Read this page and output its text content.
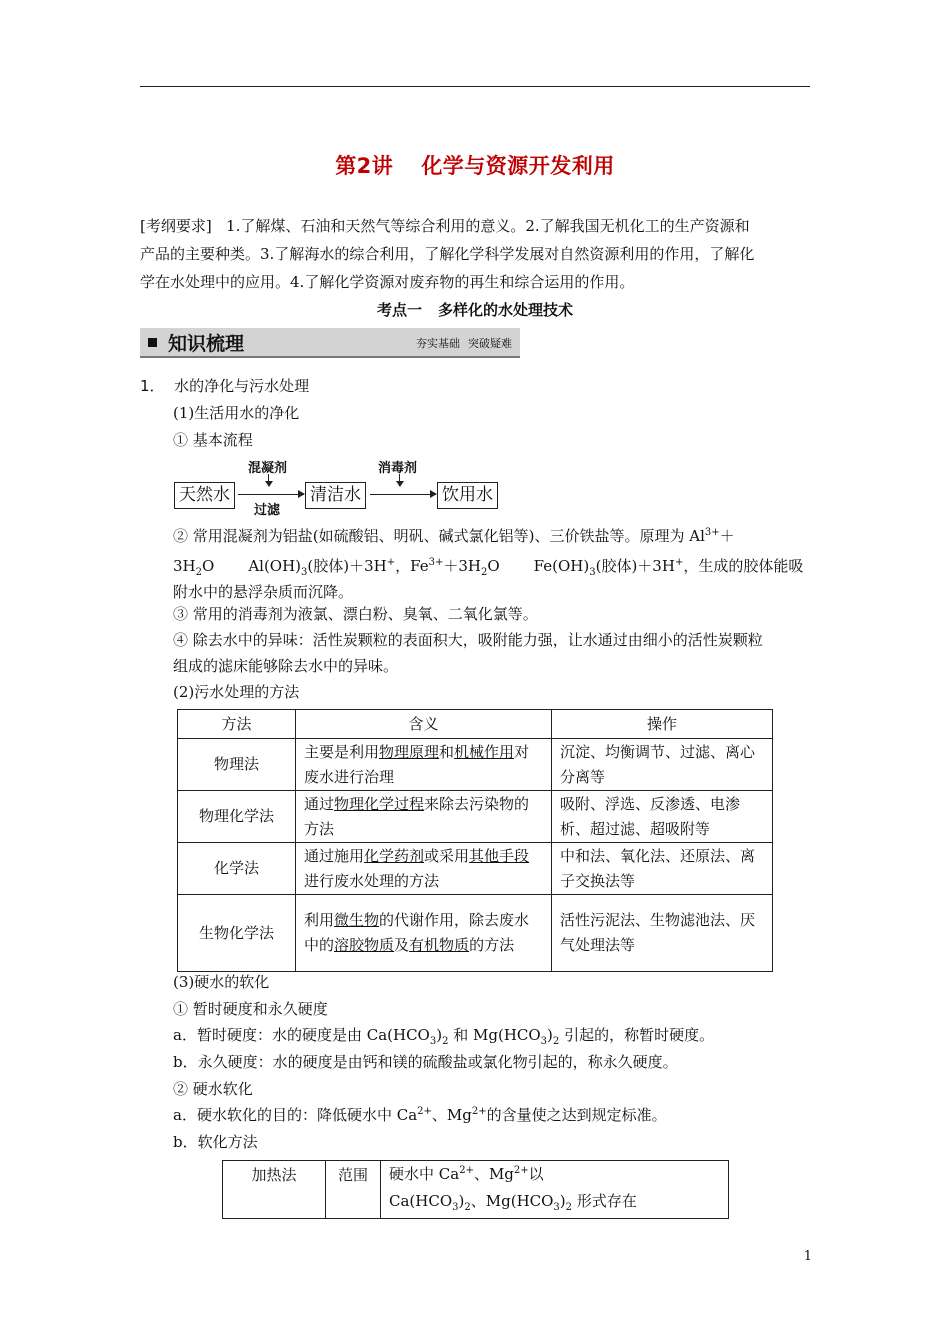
第2讲 化学与资源开发利用
[考纲要求] 1.了解煤、石油和天然气等综合利用的意义。2.了解我国无机化工的生产资源和
产品的主要种类。3.了解海水的综合利用，了解化学科学发展对自然资源利用的作用，了解化
学在水处理中的应用。4.了解化学资源对废弃物的再生和综合运用的作用。
考点一 多样化的水处理技术
知识梳理	夯实基础 突破疑难
1． 水的净化与污水处理
(1)生活用水的净化
① 基本流程
天然水
混凝剂
过滤
清洁水
消毒剂
饮用水
② 常用混凝剂为铝盐(如硫酸铝、明矾、碱式氯化铝等)、三价铁盐等。原理为 $Al^{3+}+$
$3H_2O$ $Al(OH)_3$(胶体)＋3H+，$Fe^{3+}+3H_2O$ $Fe(OH)_3$(胶体)＋3H+，生成的胶体能吸
附水中的悬浮杂质而沉降。
③ 常用的消毒剂为液氯、漂白粉、臭氧、二氧化氯等。
④ 除去水中的异味：活性炭颗粒的表面积大，吸附能力强，让水通过由细小的活性炭颗粒
组成的滤床能够除去水中的异味。
(2)污水处理的方法
方法	含义	操作
物理法	主要是利用物理原理和机械作用对废水进行治理	沉淀、均衡调节、过滤、离心分离等
物理化学法	通过物理化学过程来除去污染物的方法	吸附、浮选、反渗透、电渗析、超过滤、超吸附等
化学法	通过施用化学药剂或采用其他手段进行废水处理的方法	中和法、氧化法、还原法、离子交换法等
生物化学法	利用微生物的代谢作用，除去废水中的溶胶物质及有机物质的方法	活性污泥法、生物滤池法、厌气处理法等
(3)硬水的软化
① 暂时硬度和永久硬度
a．暂时硬度：水的硬度是由 $Ca(HCO_3)_2$ 和 $Mg(HCO_3)_2$ 引起的，称暂时硬度。
b．永久硬度：水的硬度是由钙和镁的硫酸盐或氯化物引起的，称永久硬度。
② 硬水软化
a．硬水软化的目的：降低硬水中 $Ca^{2+}$、$Mg^{2+}$的含量使之达到规定标准。
b．软化方法
加热法	范围	硬水中 $Ca^{2+}$、$Mg^{2+}$以
$Ca(HCO_3)_2$、$Mg(HCO_3)_2$ 形式存在
1
